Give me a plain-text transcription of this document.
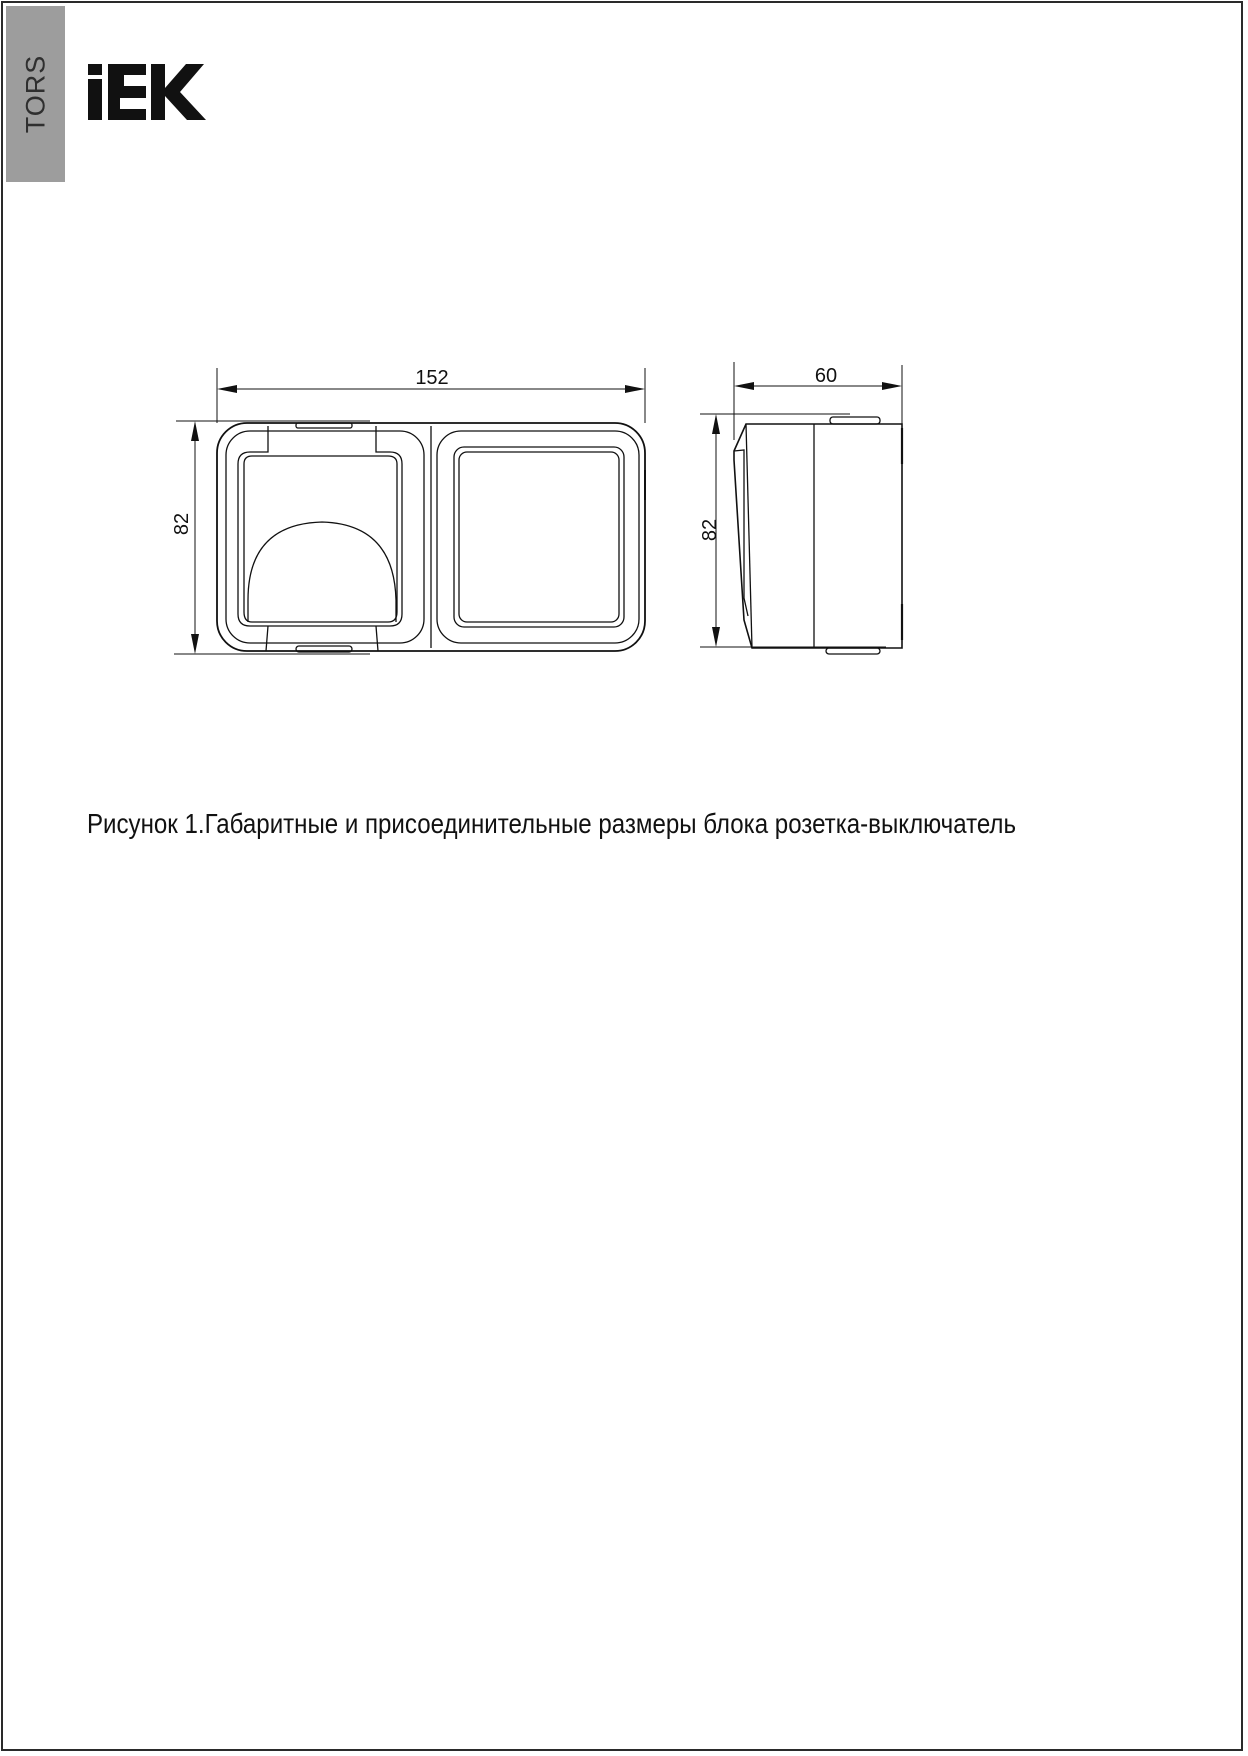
TORS
152
82
60
82
Рисунок 1.Габаритные и присоединительные размеры блока розетка-выключатель
